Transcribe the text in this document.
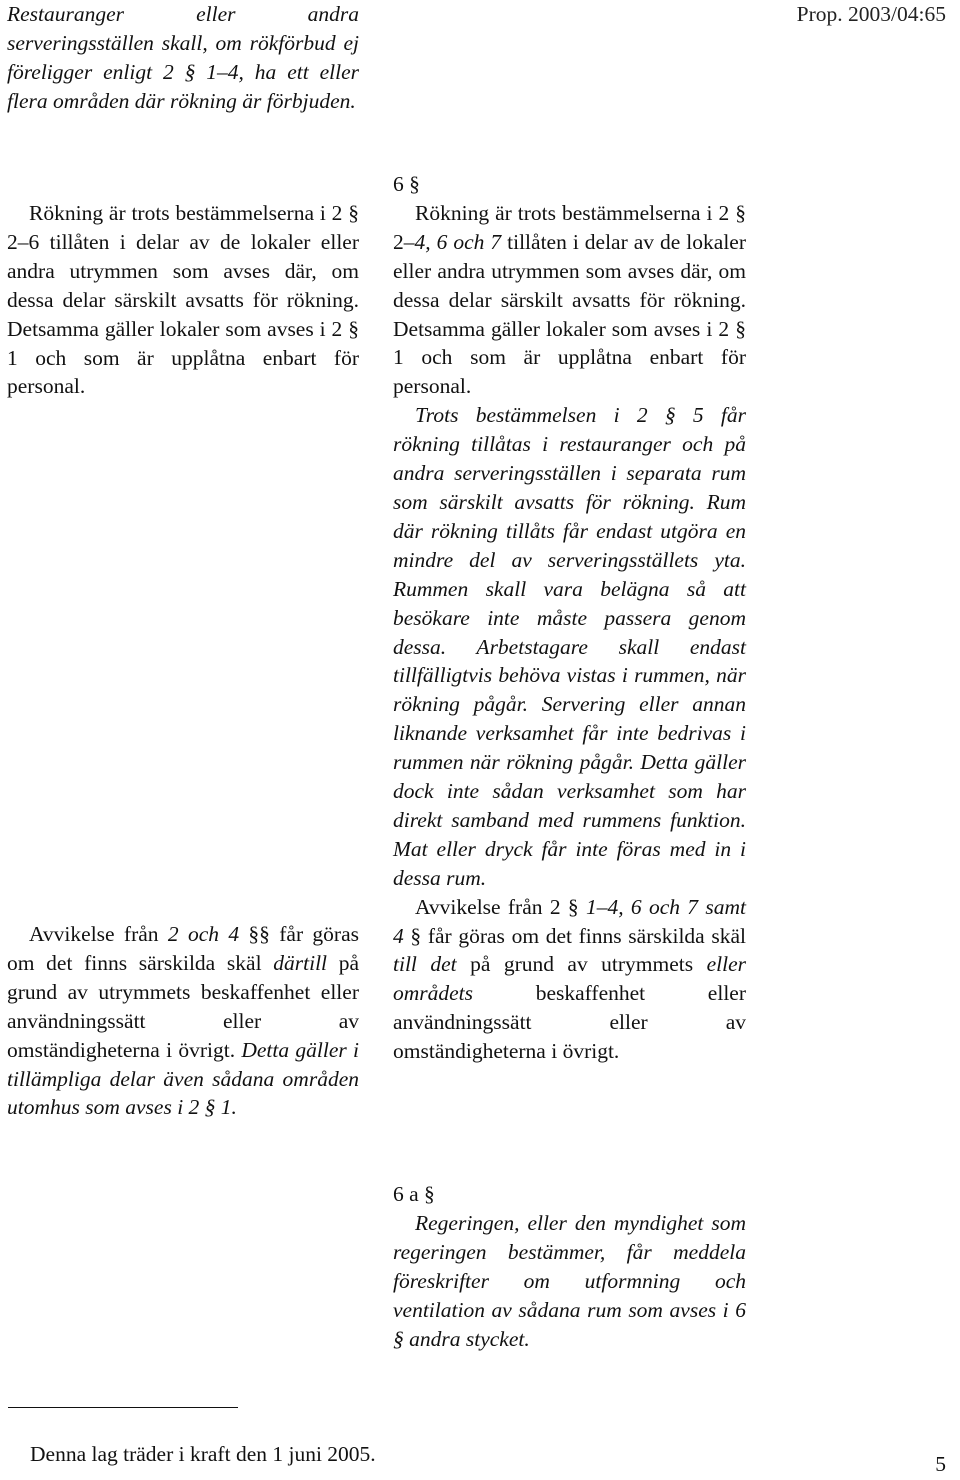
Prop. 2003/04:65

Restauranger eller andra serveringsställen skall, om rökförbud ej föreligger enligt 2 § 1–4, ha ett eller flera områden där rökning är förbjuden.

Rökning är trots bestämmelserna i 2 § 2–6 tillåten i delar av de lokaler eller andra utrymmen som avses där, om dessa delar särskilt avsatts för rökning. Detsamma gäller lokaler som avses i 2 § 1 och som är upplåtna enbart för personal.

Avvikelse från 2 och 4 §§ får göras om det finns särskilda skäl därtill på grund av utrymmets beskaffenhet eller användningssätt eller av omständigheterna i övrigt. Detta gäller i tillämpliga delar även sådana områden utomhus som avses i 2 § 1.

6 §

Rökning är trots bestämmelserna i 2 § 2–4, 6 och 7 tillåten i delar av de lokaler eller andra utrymmen som avses där, om dessa delar särskilt avsatts för rökning. Detsamma gäller lokaler som avses i 2 § 1 och som är upplåtna enbart för personal.

Trots bestämmelsen i 2 § 5 får rökning tillåtas i restauranger och på andra serveringsställen i separata rum som särskilt avsatts för rökning. Rum där rökning tillåts får endast utgöra en mindre del av serveringsställets yta. Rummen skall vara belägna så att besökare inte måste passera genom dessa. Arbetstagare skall endast tillfälligtvis behöva vistas i rummen, när rökning pågår. Servering eller annan liknande verksamhet får inte bedrivas i rummen när rökning pågår. Detta gäller dock inte sådan verksamhet som har direkt samband med rummens funktion. Mat eller dryck får inte föras med in i dessa rum.

Avvikelse från 2 § 1–4, 6 och 7 samt 4 § får göras om det finns särskilda skäl till det på grund av utrymmets eller områdets beskaffenhet eller användningssätt eller av omständigheterna i övrigt.

6 a §

Regeringen, eller den myndighet som regeringen bestämmer, får meddela föreskrifter om utformning och ventilation av sådana rum som avses i 6 § andra stycket.

Denna lag träder i kraft den 1 juni 2005.	5
